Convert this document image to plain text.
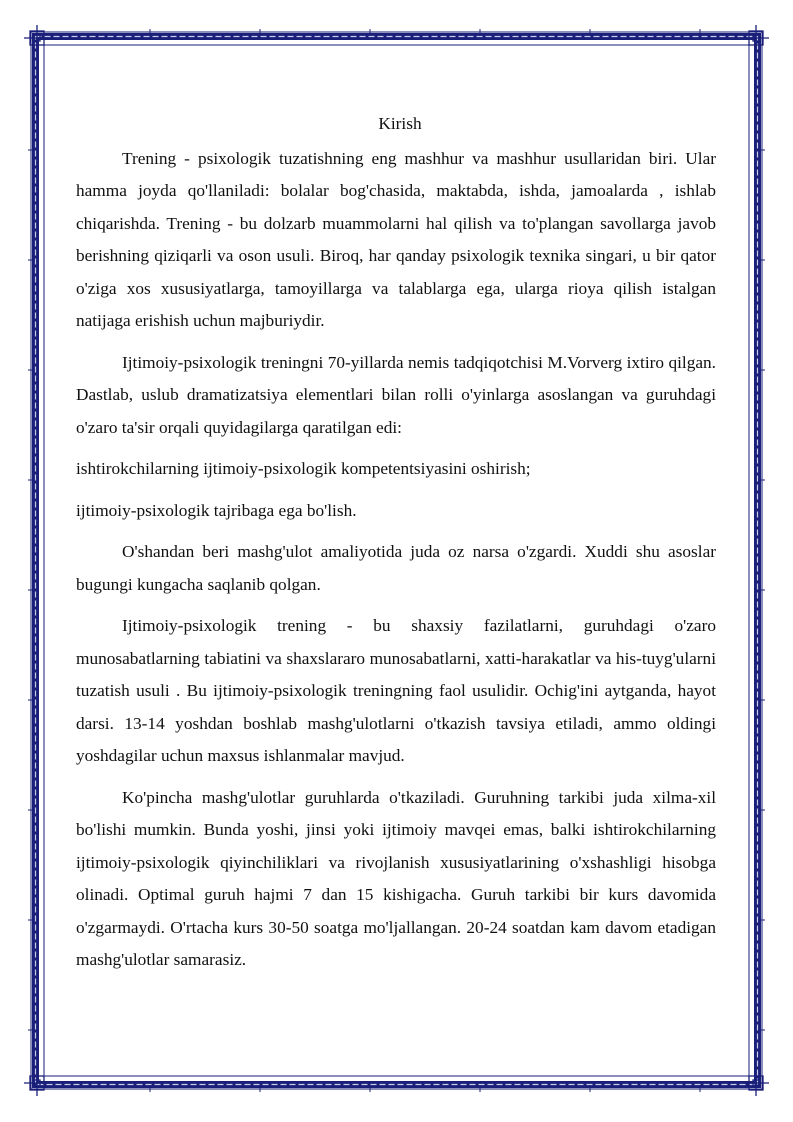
Kirish

Trening - psixologik tuzatishning eng mashhur va mashhur usullaridan biri. Ular hamma joyda qo'llaniladi: bolalar bog'chasida, maktabda, ishda, jamoalarda , ishlab chiqarishda. Trening - bu dolzarb muammolarni hal qilish va to'plangan savollarga javob berishning qiziqarli va oson usuli. Biroq, har qanday psixologik texnika singari, u bir qator o'ziga xos xususiyatlarga, tamoyillarga va talablarga ega, ularga rioya qilish istalgan natijaga erishish uchun majburiydir.

Ijtimoiy-psixologik treningni 70-yillarda nemis tadqiqotchisi M.Vorverg ixtiro qilgan. Dastlab, uslub dramatizatsiya elementlari bilan rolli o'yinlarga asoslangan va guruhdagi o'zaro ta'sir orqali quyidagilarga qaratilgan edi:

ishtirokchilarning ijtimoiy-psixologik kompetentsiyasini oshirish;

ijtimoiy-psixologik tajribaga ega bo'lish.

O'shandan beri mashg'ulot amaliyotida juda oz narsa o'zgardi. Xuddi shu asoslar bugungi kungacha saqlanib qolgan.

Ijtimoiy-psixologik trening - bu shaxsiy fazilatlarni, guruhdagi o'zaro munosabatlarning tabiatini va shaxslararo munosabatlarni, xatti-harakatlar va his-tuyg'ularni tuzatish usuli . Bu ijtimoiy-psixologik treningning faol usulidir. Ochig'ini aytganda, hayot darsi. 13-14 yoshdan boshlab mashg'ulotlarni o'tkazish tavsiya etiladi, ammo oldingi yoshdagilar uchun maxsus ishlanmalar mavjud.

Ko'pincha mashg'ulotlar guruhlarda o'tkaziladi. Guruhning tarkibi juda xilma-xil bo'lishi mumkin. Bunda yoshi, jinsi yoki ijtimoiy mavqei emas, balki ishtirokchilarning ijtimoiy-psixologik qiyinchiliklari va rivojlanish xususiyatlarining o'xshashligi hisobga olinadi. Optimal guruh hajmi 7 dan 15 kishigacha. Guruh tarkibi bir kurs davomida o'zgarmaydi. O'rtacha kurs 30-50 soatga mo'ljallangan. 20-24 soatdan kam davom etadigan mashg'ulotlar samarasiz.
